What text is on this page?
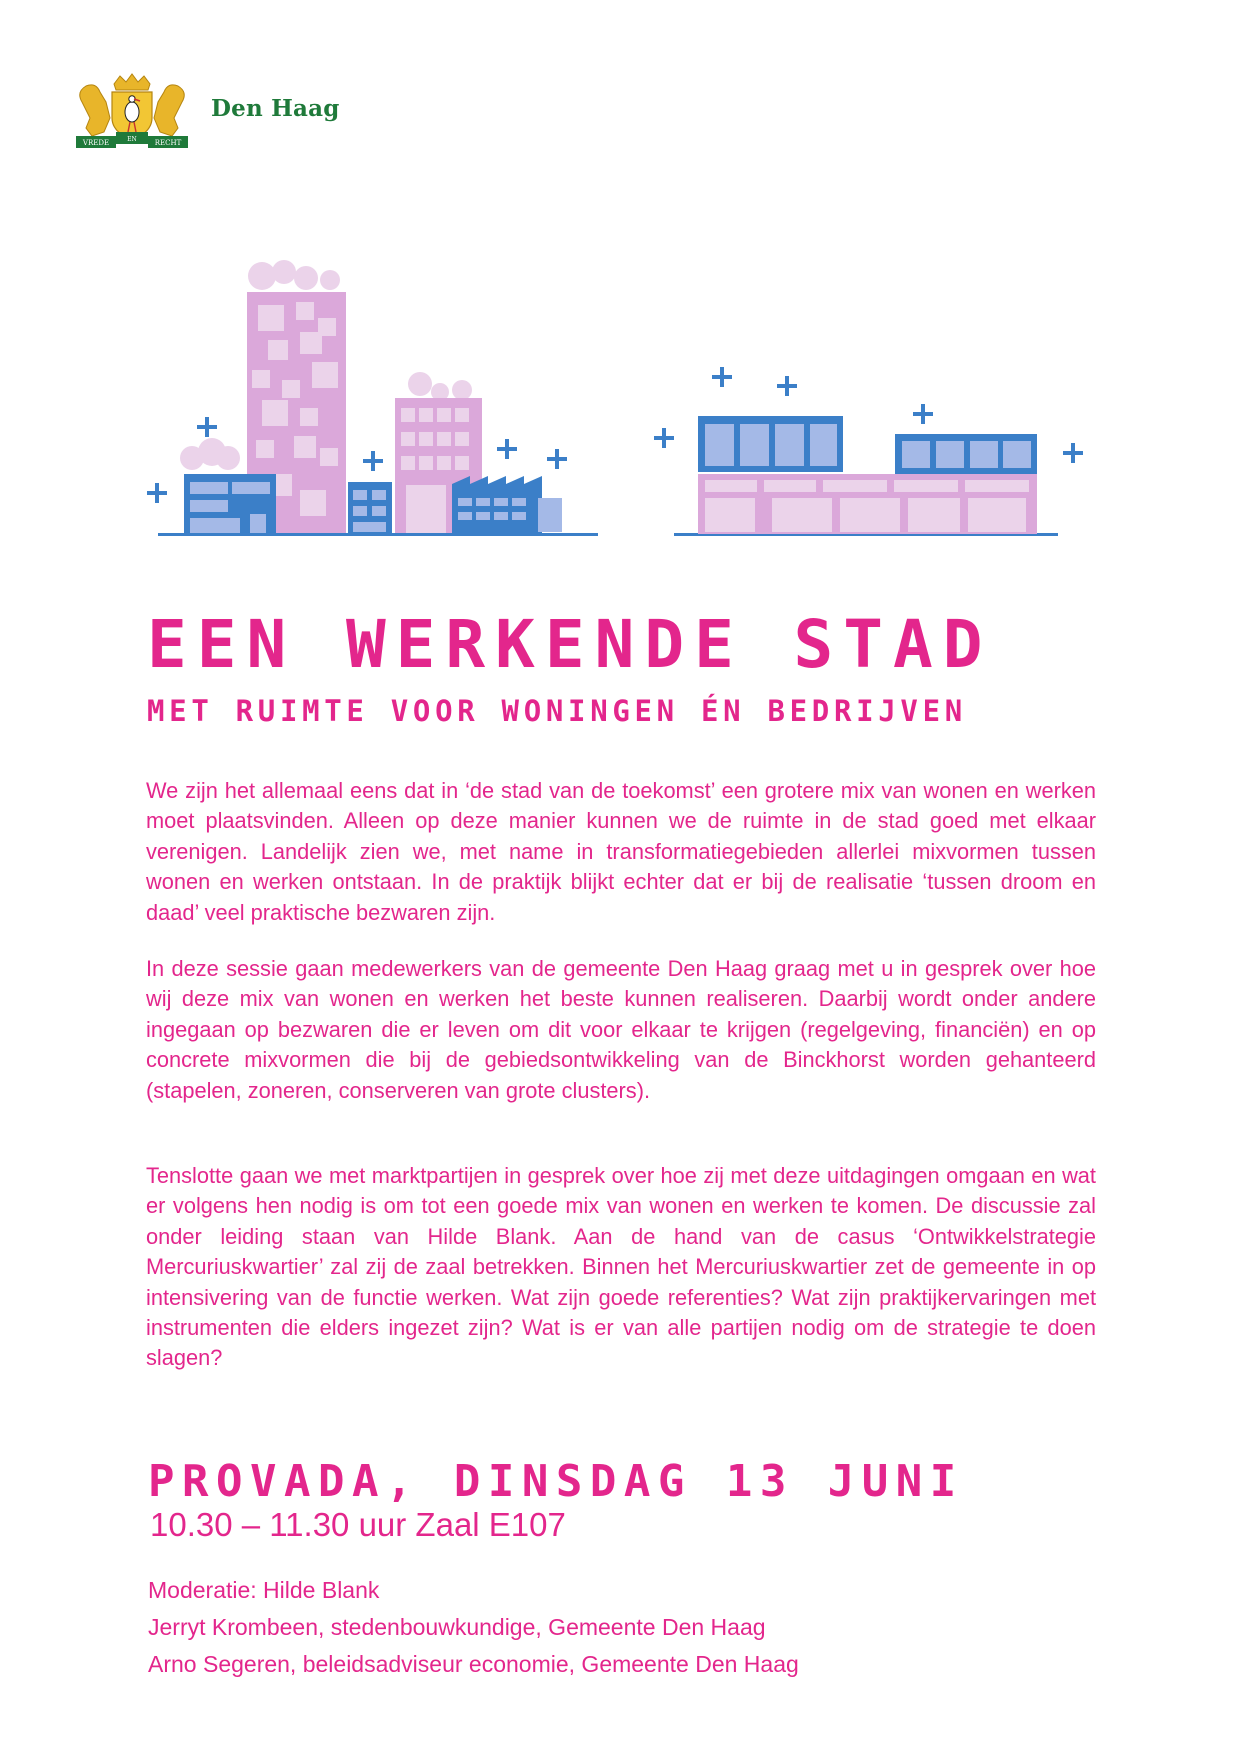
VREDE	EN	RECHT
Den Haag
EEN WERKENDE STAD
MET RUIMTE VOOR WONINGEN ÉN BEDRIJVEN

We zijn het allemaal eens dat in ‘de stad van de toekomst’ een grotere mix van wonen en werken moet plaatsvinden. Alleen op deze manier kunnen we de ruimte in de stad goed met elkaar verenigen. Landelijk zien we, met name in transformatiegebieden allerlei mixvormen tussen wonen en werken ontstaan. In de praktijk blijkt echter dat er bij de realisatie ‘tussen droom en daad’ veel praktische bezwaren zijn.

In deze sessie gaan medewerkers van de gemeente Den Haag graag met u in gesprek over hoe wij deze mix van wonen en werken het beste kunnen realiseren. Daarbij wordt onder andere ingegaan op bezwaren die er leven om dit voor elkaar te krijgen (regelgeving, financiën) en op concrete mixvormen die bij de gebiedsontwikkeling van de Binckhorst worden gehanteerd (stapelen, zoneren, conserveren van grote clusters).

Tenslotte gaan we met marktpartijen in gesprek over hoe zij met deze uitdagingen omgaan en wat er volgens hen nodig is om tot een goede mix van wonen en werken te komen. De discussie zal onder leiding staan van Hilde Blank. Aan de hand van de casus ‘Ontwikkelstrategie Mercuriuskwartier’ zal zij de zaal betrekken. Binnen het Mercuriuskwartier zet de gemeente in op intensivering van de functie werken. Wat zijn goede referenties? Wat zijn praktijkervaringen met instrumenten die elders ingezet zijn? Wat is er van alle partijen nodig om de strategie te doen slagen?

PROVADA, DINSDAG 13 JUNI
10.30 – 11.30 uur Zaal E107
Moderatie: Hilde Blank
Jerryt Krombeen, stedenbouwkundige, Gemeente Den Haag
Arno Segeren, beleidsadviseur economie, Gemeente Den Haag
